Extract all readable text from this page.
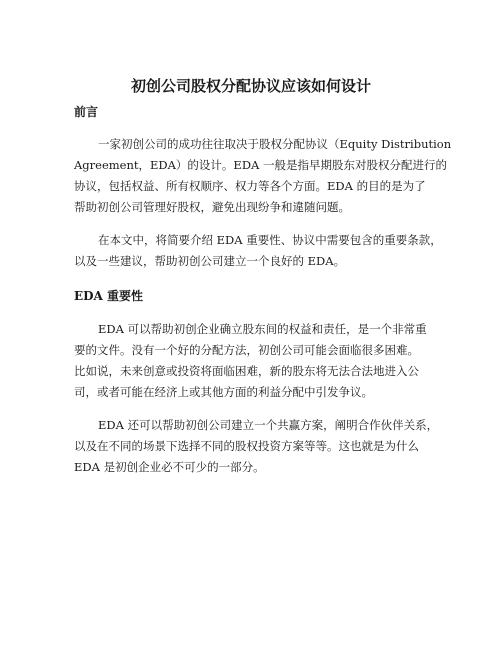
初创公司股权分配协议应该如何设计
前言
一家初创公司的成功往往取决于股权分配协议（Equity Distribution
Agreement，EDA）的设计。EDA 一般是指早期股东对股权分配进行的
协议，包括权益、所有权顺序、权力等各个方面。EDA 的目的是为了
帮助初创公司管理好股权，避免出现纷争和違随问题。
在本文中，将简要介绍 EDA 重要性、协议中需要包含的重要条款，
以及一些建议，帮助初创公司建立一个良好的 EDA。
EDA 重要性
EDA 可以帮助初创企业确立股东间的权益和责任，是一个非常重
要的文件。没有一个好的分配方法，初创公司可能会面临很多困难。
比如说，未来创意或投资将面临困难，新的股东将无法合法地进入公
司，或者可能在经济上或其他方面的利益分配中引发争议。
EDA 还可以帮助初创公司建立一个共赢方案，阐明合作伙伴关系，
以及在不同的场景下选择不同的股权投资方案等等。这也就是为什么
EDA 是初创企业必不可少的一部分。
